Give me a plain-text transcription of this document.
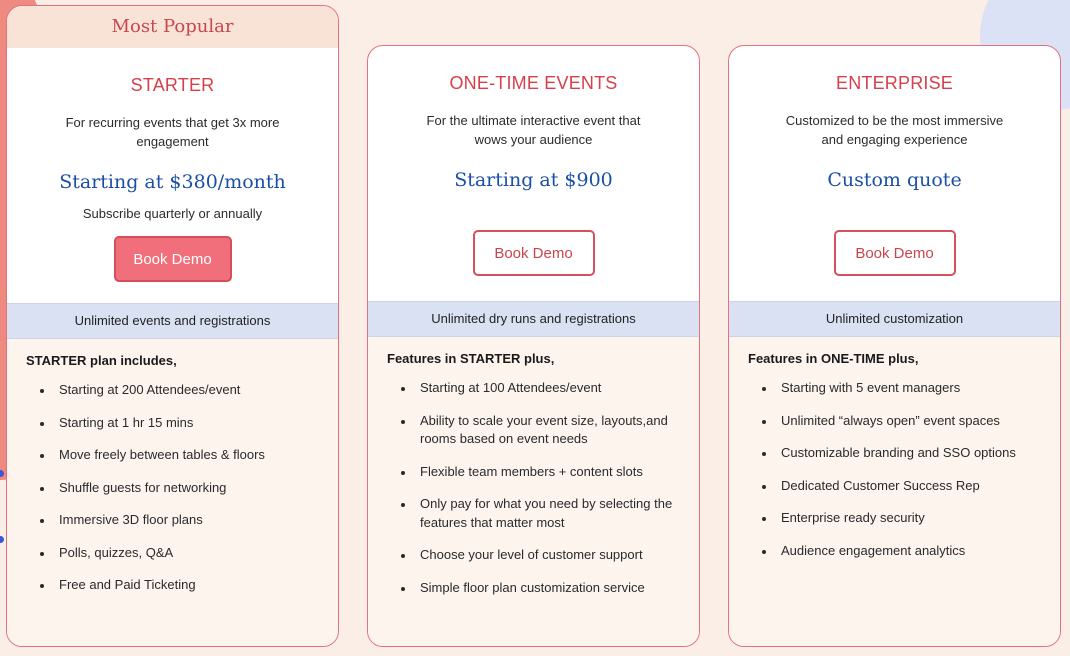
Most Popular
STARTER
For recurring events that get 3x more engagement
Starting at $380/month
Subscribe quarterly or annually
Book Demo
Unlimited events and registrations
STARTER plan includes,
Starting at 200 Attendees/event
Starting at 1 hr 15 mins
Move freely between tables & floors
Shuffle guests for networking
Immersive 3D floor plans
Polls, quizzes, Q&A
Free and Paid Ticketing
ONE-TIME EVENTS
For the ultimate interactive event that wows your audience
Starting at $900
Book Demo
Unlimited dry runs and registrations
Features in STARTER plus,
Starting at 100 Attendees/event
Ability to scale your event size, layouts,and rooms based on event needs
Flexible team members + content slots
Only pay for what you need by selecting the features that matter most
Choose your level of customer support
Simple floor plan customization service
ENTERPRISE
Customized to be the most immersive and engaging experience
Custom quote
Book Demo
Unlimited customization
Features in ONE-TIME plus,
Starting with 5 event managers
Unlimited “always open” event spaces
Customizable branding and SSO options
Dedicated Customer Success Rep
Enterprise ready security
Audience engagement analytics
